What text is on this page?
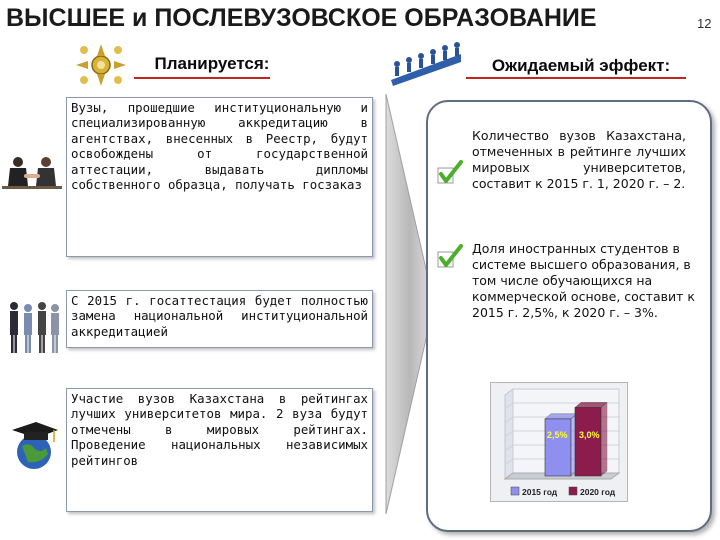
ВЫСШЕЕ и ПОСЛЕВУЗОВСКОЕ ОБРАЗОВАНИЕ	12
Планируется:	Ожидаемый эффект:
Вузы, прошедшие институциональную и специализированную аккредитацию в агентствах, внесенных в Реестр, будут освобождены от государственной аттестации, выдавать дипломы собственного образца, получать госзаказ
С 2015 г. госаттестация будет полностью замена национальной институциональной аккредитацией
Участие вузов Казахстана в рейтингах лучших университетов мира. 2 вуза будут отмечены в мировых рейтингах. Проведение национальных независимых рейтингов
Количество вузов Казахстана, отмеченных в рейтинге лучших мировых университетов, составит к 2015 г. 1, 2020 г. – 2.
Доля иностранных студентов в системе высшего образования, в том числе обучающихся на коммерческой основе, составит к 2015 г. 2,5%, к 2020 г. – 3%.
2,5% 3,0%
2015 год	2020 год
